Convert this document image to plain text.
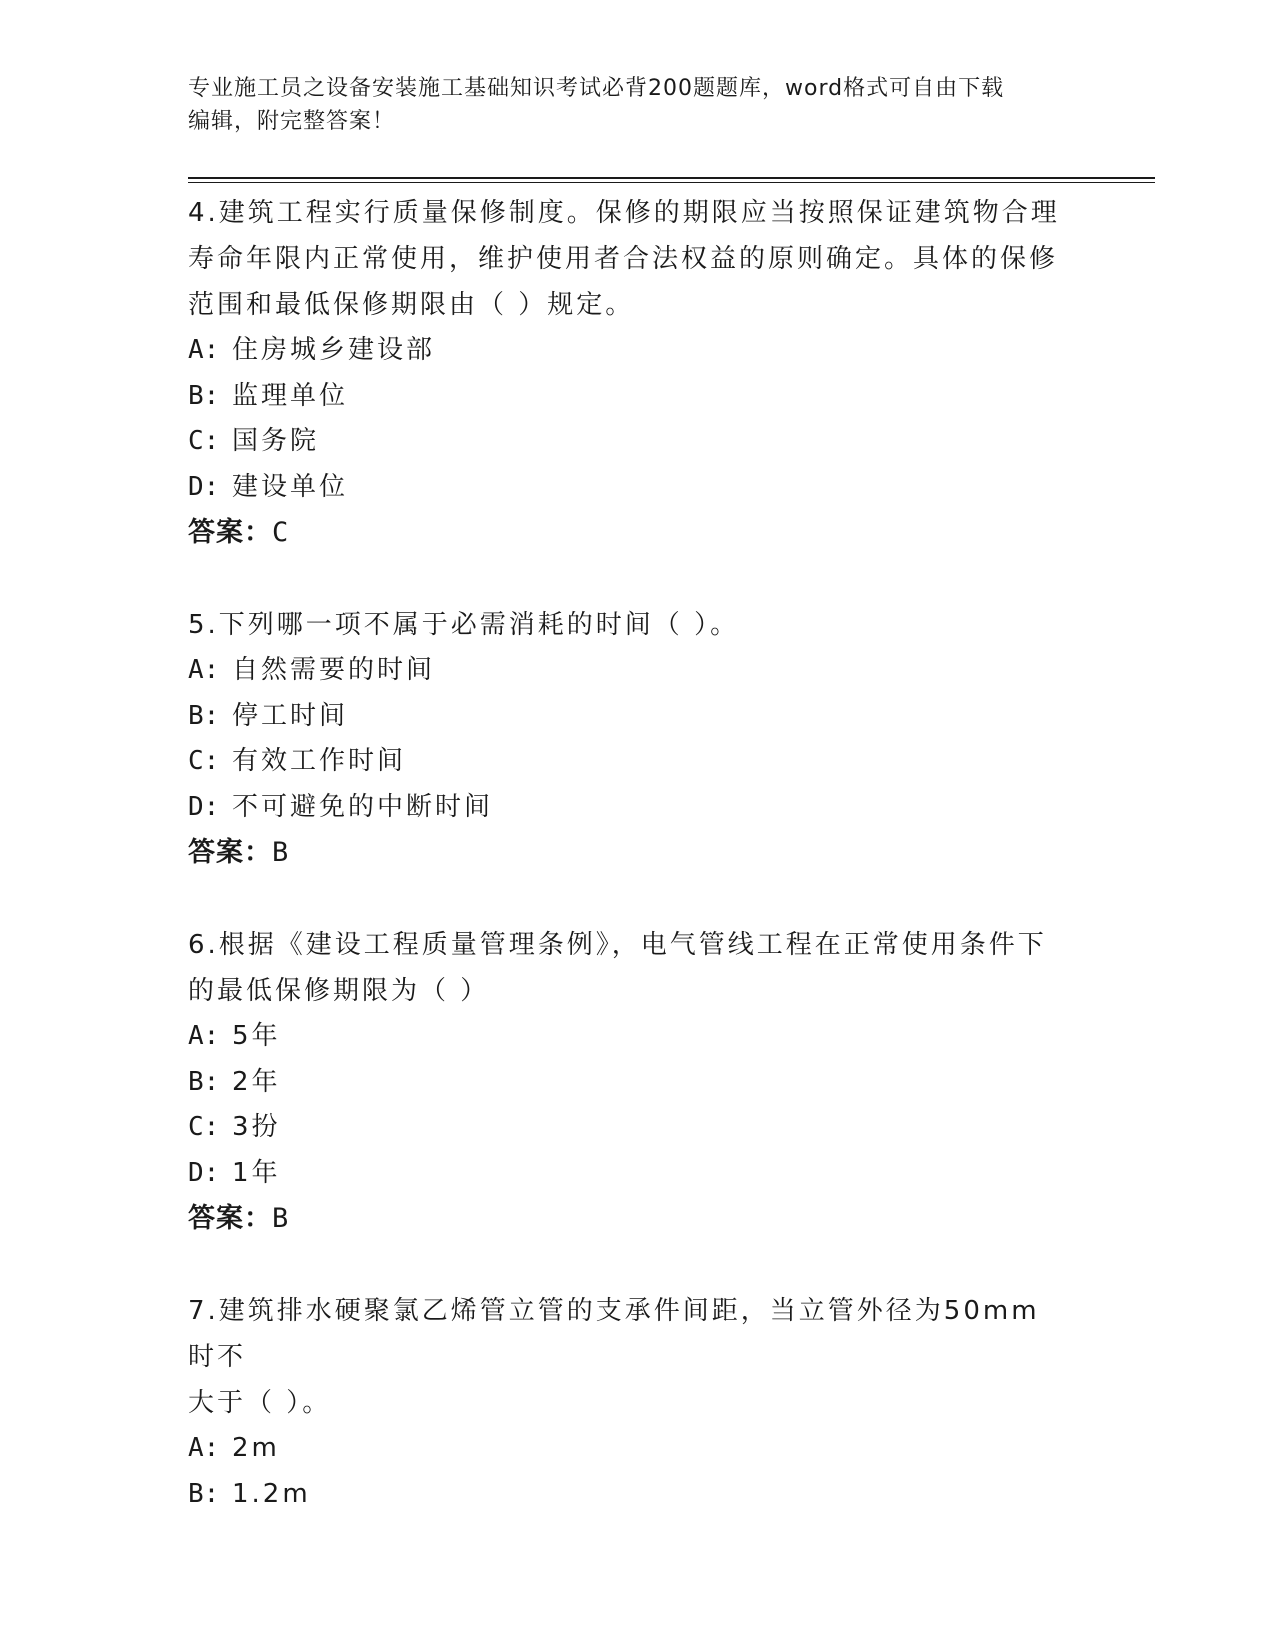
专业施工员之设备安装施工基础知识考试必背200题题库，word格式可自由下载
编辑，附完整答案！

4.建筑工程实行质量保修制度。保修的期限应当按照保证建筑物合理

寿命年限内正常使用，维护使用者合法权益的原则确定。具体的保修

范围和最低保修期限由（ ）规定。

A: 住房城乡建设部

B: 监理单位

C: 国务院

D: 建设单位

答案：C

5.下列哪一项不属于必需消耗的时间（ ）。

A: 自然需要的时间

B: 停工时间

C: 有效工作时间

D: 不可避免的中断时间

答案：B

6.根据《建设工程质量管理条例》，电气管线工程在正常使用条件下

的最低保修期限为（ ）

A: 5年

B: 2年

C: 3扮

D: 1年

答案：B

7.建筑排水硬聚氯乙烯管立管的支承件间距，当立管外径为50mm时不

大于（ ）。

A: 2m

B: 1.2m
